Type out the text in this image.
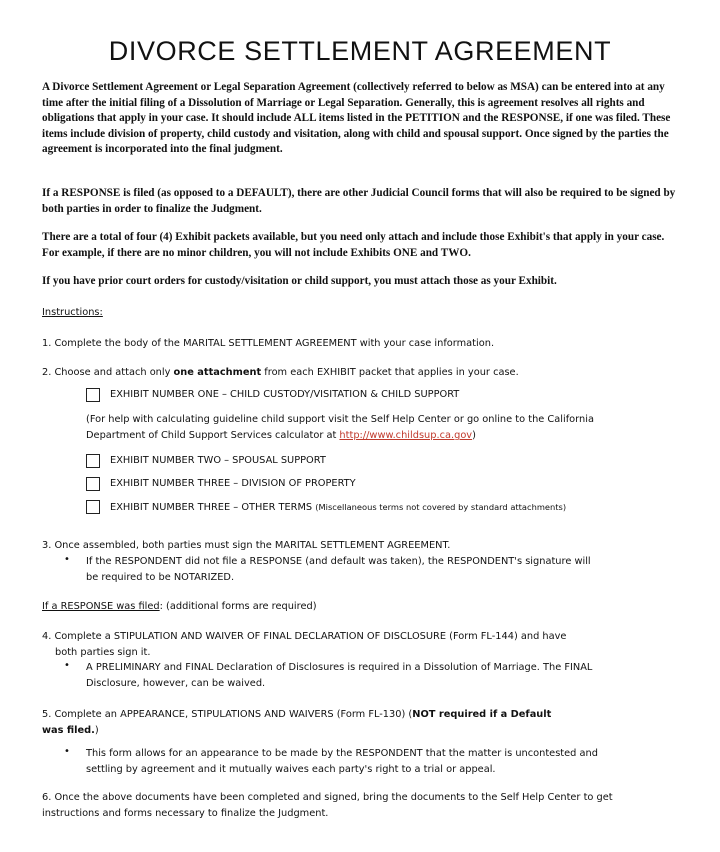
DIVORCE SETTLEMENT AGREEMENT
A Divorce Settlement Agreement or Legal Separation Agreement (collectively referred to below as MSA) can be entered into at any time after the initial filing of a Dissolution of Marriage or Legal Separation. Generally, this is agreement resolves all rights and obligations that apply in your case. It should include ALL items listed in the PETITION and the RESPONSE, if one was filed. These items include division of property, child custody and visitation, along with child and spousal support. Once signed by the parties the agreement is incorporated into the final judgment.
If a RESPONSE is filed (as opposed to a DEFAULT), there are other Judicial Council forms that will also be required to be signed by both parties in order to finalize the Judgment.
There are a total of four (4) Exhibit packets available, but you need only attach and include those Exhibit's that apply in your case. For example, if there are no minor children, you will not include Exhibits ONE and TWO.
If you have prior court orders for custody/visitation or child support, you must attach those as your Exhibit.
Instructions:
1. Complete the body of the MARITAL SETTLEMENT AGREEMENT with your case information.
2. Choose and attach only one attachment from each EXHIBIT packet that applies in your case.
EXHIBIT NUMBER ONE – CHILD CUSTODY/VISITATION & CHILD SUPPORT
(For help with calculating guideline child support visit the Self Help Center or go online to the California
Department of Child Support Services calculator at http://www.childsup.ca.gov)
EXHIBIT NUMBER TWO – SPOUSAL SUPPORT
EXHIBIT NUMBER THREE – DIVISION OF PROPERTY
EXHIBIT NUMBER THREE – OTHER TERMS (Miscellaneous terms not covered by standard attachments)
3. Once assembled, both parties must sign the MARITAL SETTLEMENT AGREEMENT.
• If the RESPONDENT did not file a RESPONSE (and default was taken), the RESPONDENT's signature will
be required to be NOTARIZED.
If a RESPONSE was filed: (additional forms are required)
4. Complete a STIPULATION AND WAIVER OF FINAL DECLARATION OF DISCLOSURE (Form FL-144) and have
both parties sign it.
• A PRELIMINARY and FINAL Declaration of Disclosures is required in a Dissolution of Marriage. The FINAL
Disclosure, however, can be waived.
5. Complete an APPEARANCE, STIPULATIONS AND WAIVERS (Form FL-130) (NOT required if a Default
was filed.)
• This form allows for an appearance to be made by the RESPONDENT that the matter is uncontested and
settling by agreement and it mutually waives each party's right to a trial or appeal.
6. Once the above documents have been completed and signed, bring the documents to the Self Help Center to get
instructions and forms necessary to finalize the Judgment.
